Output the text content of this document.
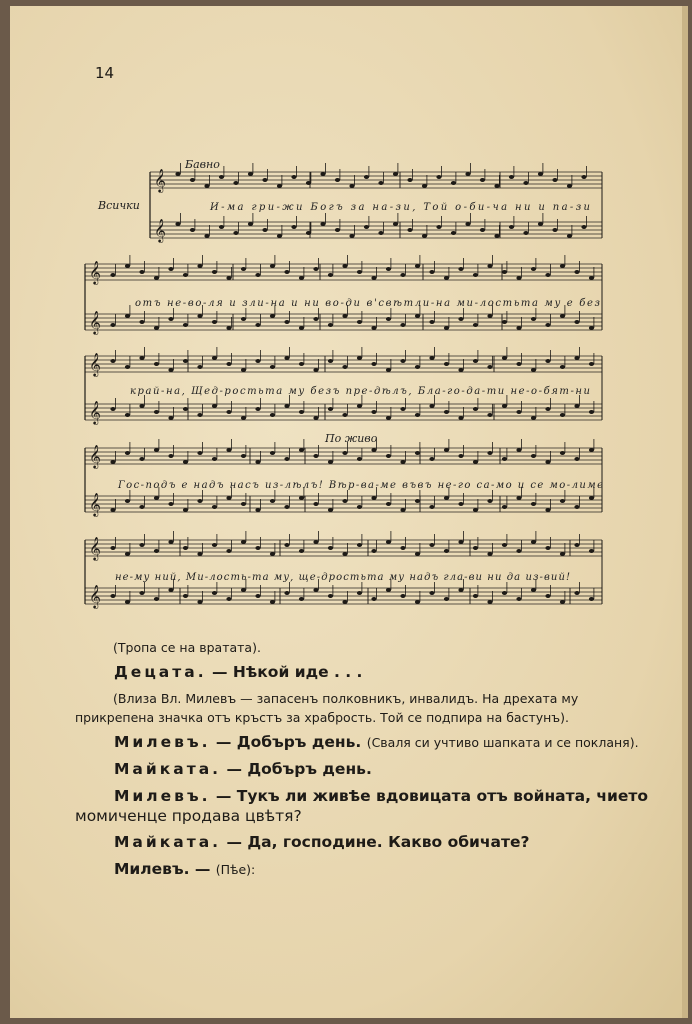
14
Бавно
Всички
По живо
𝄞
𝄞
𝄞
𝄞
𝄞
𝄞
𝄞
𝄞
𝄞
𝄞
И-ма гри-жи Богъ за на-зи, Той о-би-ча ни и па-зи
отъ не-во-ля и зли-на и ни во-ди в'свѣтли-на ми-лостьта му е без
край-на, Щед-ростьта му безъ пре-дѣлъ, Бла-го-да-ти не-о-бят-ни
Гос-подъ е надъ насъ из-лѣлъ! Вѣр-ва-ме въвъ не-го са-мо и се мо-лиме
не-му ний, Ми-лость-та му, ще-дростьта му надъ гла-ви ни да из-вий!
(Тропа се на вратата).
Децата. — Нѣкой иде . . .
(Влиза Вл. Милевъ — запасенъ полковникъ, инвалидъ. На дрехата му
прикрепена значка отъ кръстъ за храбрость. Той се подпира на бастунъ).
Милевъ. — Добъръ день. (Сваля си учтиво шапката и се покланя).
Майката. — Добъръ день.
Милевъ. — Тукъ ли живѣе вдовицата отъ войната, чието
момиченце продава цвѣтя?
Майката. — Да, господине. Какво обичате?
Милевъ. — (Пѣе):
